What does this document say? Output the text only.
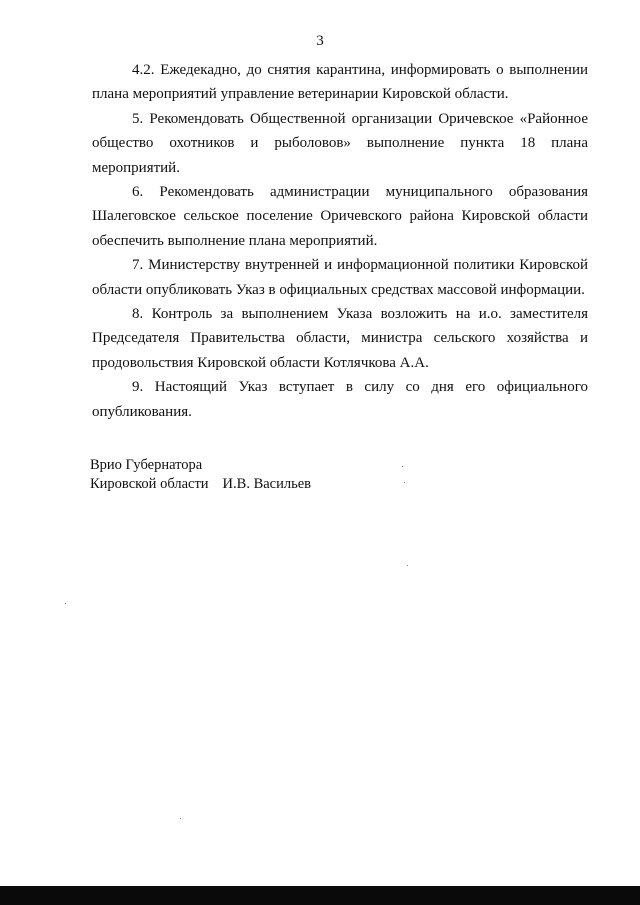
3

4.2. Ежедекадно, до снятия карантина, информировать о выполнении плана мероприятий управление ветеринарии Кировской области.

5. Рекомендовать Общественной организации Оричевское «Районное общество охотников и рыболовов» выполнение пункта 18 плана мероприятий.

6. Рекомендовать администрации муниципального образования Шалеговское сельское поселение Оричевского района Кировской области обеспечить выполнение плана мероприятий.

7. Министерству внутренней и информационной политики Кировской области опубликовать Указ в официальных средствах массовой информации.

8. Контроль за выполнением Указа возложить на и.о. заместителя Председателя Правительства области, министра сельского хозяйства и продовольствия Кировской области Котлячкова А.А.

9. Настоящий Указ вступает в силу со дня его официального опубликования.

Врио Губернатора
Кировской области И.В. Васильев
